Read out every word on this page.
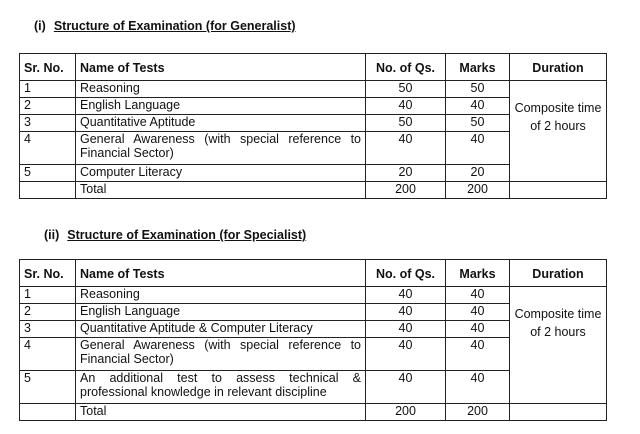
(i) Structure of Examination (for Generalist)
Sr. No.	Name of Tests	No. of Qs.	Marks	Duration
1	Reasoning	50	50	Composite time of 2 hours
2	English Language	40	40	
3	Quantitative Aptitude	50	50	
4	General Awareness (with special reference to Financial Sector)	40	40	
5	Computer Literacy	20	20	
	Total	200	200	
(ii) Structure of Examination (for Specialist)
Sr. No.	Name of Tests	No. of Qs.	Marks	Duration
1	Reasoning	40	40	Composite time of 2 hours
2	English Language	40	40	
3	Quantitative Aptitude & Computer Literacy	40	40	
4	General Awareness (with special reference to Financial Sector)	40	40	
5	An additional test to assess technical & professional knowledge in relevant discipline	40	40	
	Total	200	200	
